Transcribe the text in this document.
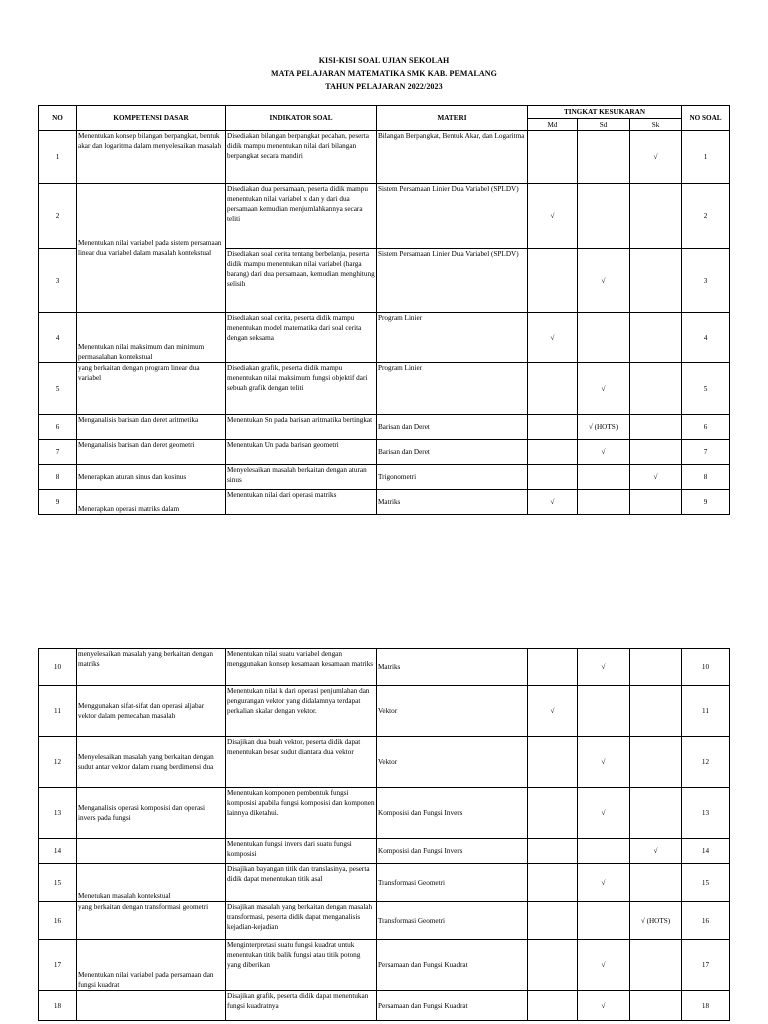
KISI-KISI SOAL UJIAN SEKOLAH
MATA PELAJARAN MATEMATIKA SMK KAB. PEMALANG
TAHUN PELAJARAN 2022/2023
NO	KOMPETENSI DASAR	INDIKATOR SOAL	MATERI	TINGKAT KESUKARAN			NO SOAL
				Md	Sd	Sk	
1	Menentukan konsep bilangan berpangkat, bentuk akar dan logaritma dalam menyelesaikan masalah	Disediakan bilangan berpangkat pecahan, peserta didik mampu menentukan nilai dari bilangan berpangkat secara mandiri	Bilangan Berpangkat, Bentuk Akar, dan Logaritma			√	1
2	Menentukan nilai variabel pada sistem persamaan linear dua variabel dalam masalah kontekstual	Disediakan dua persamaan, peserta didik mampu menentukan nilai variabel x dan y dari dua persamaan kemudian menjumlahkannya secara teliti	Sistem Persamaan Linier Dua Variabel (SPLDV)	√			2
3		Disediakan soal cerita tentang berbelanja, peserta didik mampu menentukan nilai variabel (harga barang) dari dua persamaan, kemudian menghitung selisih	Sistem Persamaan Linier Dua Variabel (SPLDV)		√		3
4	Menentukan nilai maksimum dan minimum permasalahan kontekstual	Disediakan soal cerita, peserta didik mampu menentukan model matematika dari soal cerita dengan seksama	Program Linier	√			4
5	yang berkaitan dengan program linear dua variabel	Disediakan grafik, peserta didik mampu menentukan nilai maksimum fungsi objektif dari sebuah grafik dengan teliti	Program Linier		√		5
6	Menganalisis barisan dan deret aritmetika	Menentukan Sn pada barisan aritmatika bertingkat	Barisan dan Deret		√ (HOTS)		6
7	Menganalisis barisan dan deret geometri	Menentukan Un pada barisan geometri	Barisan dan Deret		√		7
8	Menerapkan aturan sinus dan kosinus	Menyelesaikan masalah berkaitan dengan aturan sinus	Trigonometri			√	8
9	Menerapkan operasi matriks dalam	Menentukan nilai dari operasi matriks	Matriks	√			9
10	menyelesaikan masalah yang berkaitan dengan matriks	Menentukan nilai suatu variabel dengan menggunakan konsep kesamaan kesamaan matriks	Matriks		√		10
11	Menggunakan sifat-sifat dan operasi aljabar vektor dalam pemecahan masalah	Menentukan nilai k dari operasi penjumlahan dan pengurangan vektor yang didalamnya terdapat perkalian skalar dengan vektor.	Vektor	√			11
12	Menyelesaikan masalah yang berkaitan dengan sudut antar vektor dalam ruang berdimensi dua	Disajikan dua buah vektor, peserta didik dapat menentukan besar sudut diantara dua vektor	Vektor		√		12
13	Menganalisis operasi komposisi dan operasi invers pada fungsi	Menentukan komponen pembentuk fungsi komposisi apabila fungsi komposisi dan komponen lainnya diketahui.	Komposisi dan Fungsi Invers		√		13
14		Menentukan fungsi invers dari suatu fungsi komposisi	Komposisi dan Fungsi Invers			√	14
15	Menetukan masalah kontekstual	Disajikan bayangan titik dan translasinya, peserta didik dapat menentukan titik asal	Transformasi Geometri		√		15
16	yang berkaitan dengan transformasi geometri	Disajikan masalah yang berkaitan dengan masalah transformasi, peserta didik dapat menganalisis kejadian-kejadian	Transformasi Geometri			√ (HOTS)	16
17	Menentukan nilai variabel pada persamaan dan fungsi kuadrat	Menginterpretasi suatu fungsi kuadrat untuk menentukan titik balik fungsi atau titik potong yang diberikan	Persamaan dan Fungsi Kuadrat		√		17
18		Disajikan grafik, peserta didik dapat menentukan fungsi kuadratnya	Persamaan dan Fungsi Kuadrat		√		18
